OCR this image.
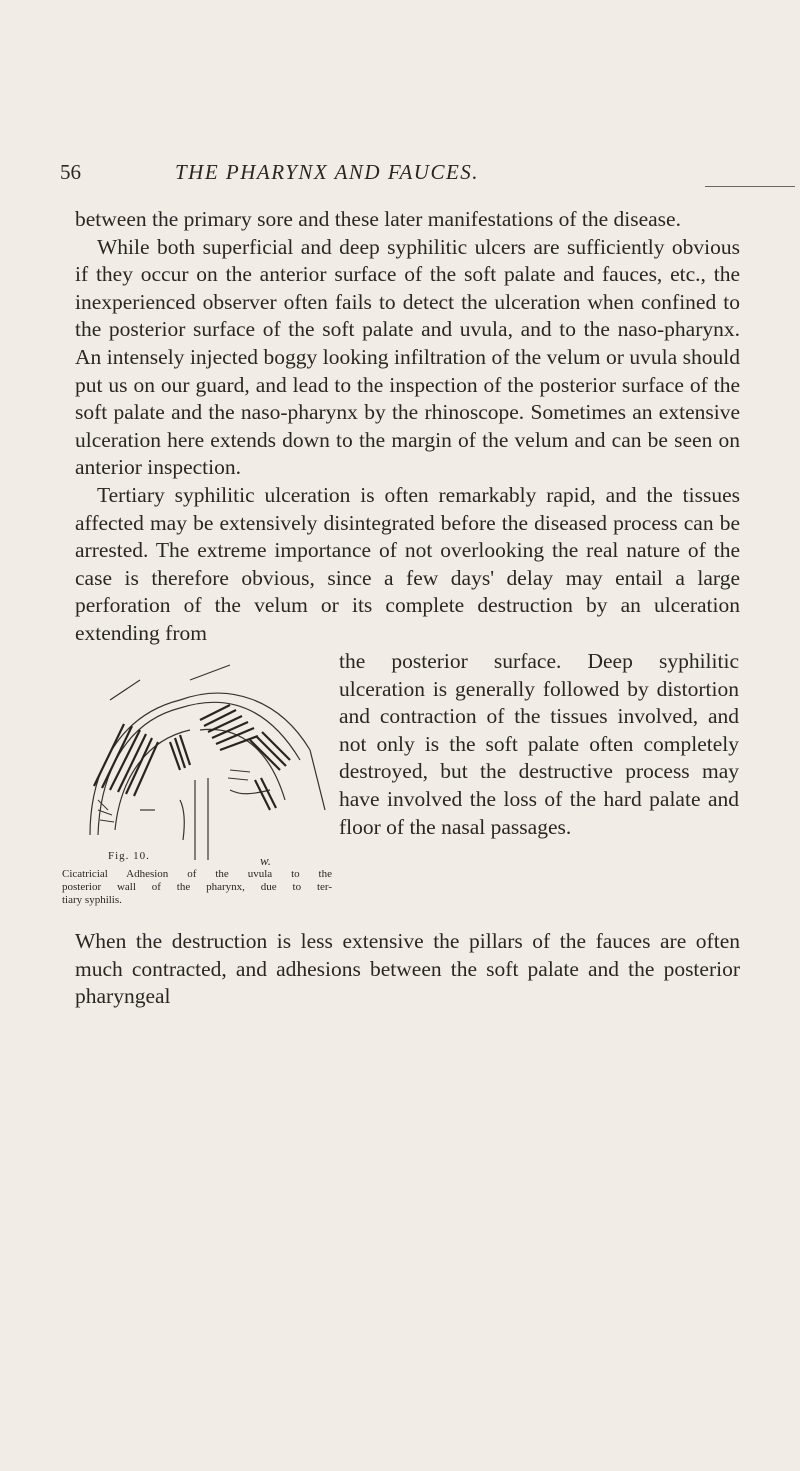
56	THE PHARYNX AND FAUCES.

between the primary sore and these later manifestations of the disease.

While both superficial and deep syphilitic ulcers are sufficiently obvious if they occur on the anterior surface of the soft palate and fauces, etc., the inexperienced observer often fails to detect the ulceration when confined to the posterior surface of the soft palate and uvula, and to the naso-pharynx. An intensely injected boggy looking infiltration of the velum or uvula should put us on our guard, and lead to the inspection of the posterior surface of the soft palate and the naso-pharynx by the rhinoscope. Sometimes an extensive ulceration here extends down to the margin of the velum and can be seen on anterior inspection.

Tertiary syphilitic ulceration is often remarkably rapid, and the tissues affected may be extensively disintegrated before the diseased process can be arrested. The extreme importance of not overlooking the real nature of the case is therefore obvious, since a few days' delay may entail a large perforation of the velum or its complete destruction by an ulceration extending from

the posterior surface. Deep syphilitic ulceration is generally followed by distortion and contraction of the tissues involved, and not only is the soft palate often completely destroyed, but the destructive process may have involved the loss of the hard palate and floor of the nasal passages.
w.
Fig. 10.
Cicatricial Adhesion of the uvula to the
posterior wall of the pharynx, due to ter-
tiary syphilis.

When the destruction is less extensive the pillars of the fauces are often much contracted, and adhesions between the soft palate and the posterior pharyngeal
